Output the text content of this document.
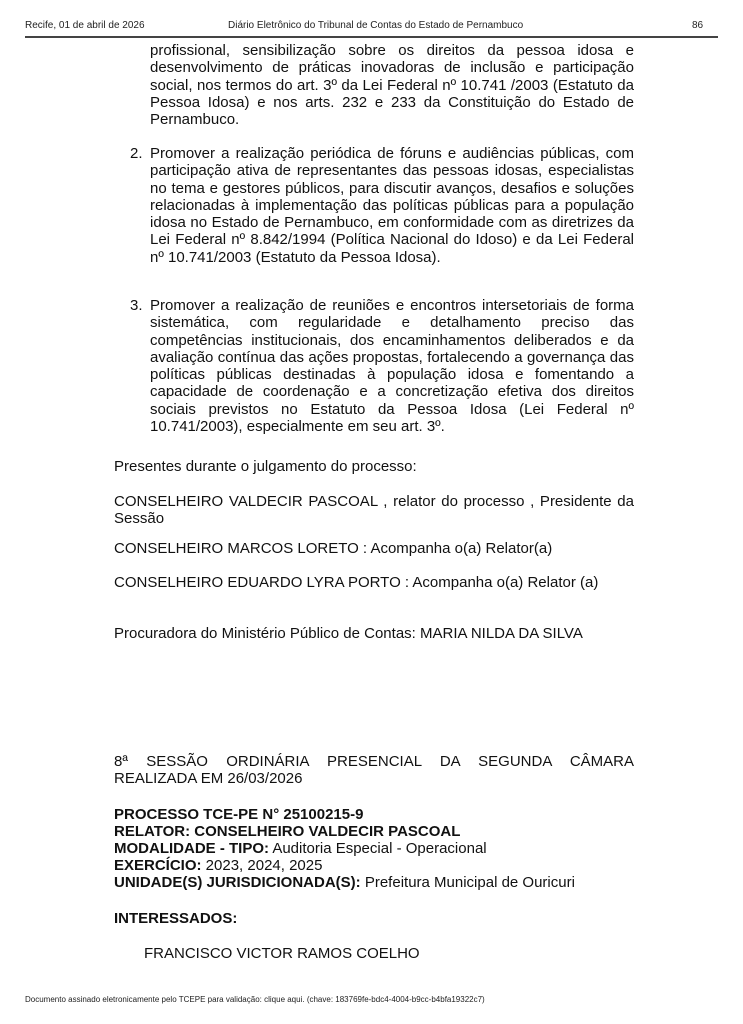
Recife, 01 de abril de 2026	Diário Eletrônico do Tribunal de Contas do Estado de Pernambuco	86
profissional, sensibilização sobre os direitos da pessoa idosa e desenvolvimento de práticas inovadoras de inclusão e participação social, nos termos do art. 3º da Lei Federal nº 10.741 /2003 (Estatuto da Pessoa Idosa) e nos arts. 232 e 233 da Constituição do Estado de Pernambuco.
2. Promover a realização periódica de fóruns e audiências públicas, com participação ativa de representantes das pessoas idosas, especialistas no tema e gestores públicos, para discutir avanços, desafios e soluções relacionadas à implementação das políticas públicas para a população idosa no Estado de Pernambuco, em conformidade com as diretrizes da Lei Federal nº 8.842/1994 (Política Nacional do Idoso) e da Lei Federal nº 10.741/2003 (Estatuto da Pessoa Idosa).
3. Promover a realização de reuniões e encontros intersetoriais de forma sistemática, com regularidade e detalhamento preciso das competências institucionais, dos encaminhamentos deliberados e da avaliação contínua das ações propostas, fortalecendo a governança das políticas públicas destinadas à população idosa e fomentando a capacidade de coordenação e a concretização efetiva dos direitos sociais previstos no Estatuto da Pessoa Idosa (Lei Federal nº 10.741/2003), especialmente em seu art. 3º.
Presentes durante o julgamento do processo:
CONSELHEIRO VALDECIR PASCOAL , relator do processo , Presidente da Sessão
CONSELHEIRO MARCOS LORETO : Acompanha o(a) Relator(a)
CONSELHEIRO EDUARDO LYRA PORTO : Acompanha o(a) Relator (a)
Procuradora do Ministério Público de Contas: MARIA NILDA DA SILVA
8ª SESSÃO ORDINÁRIA PRESENCIAL DA SEGUNDA CÂMARA REALIZADA EM 26/03/2026
PROCESSO TCE-PE N° 25100215-9
RELATOR: CONSELHEIRO VALDECIR PASCOAL
MODALIDADE - TIPO: Auditoria Especial - Operacional
EXERCÍCIO: 2023, 2024, 2025
UNIDADE(S) JURISDICIONADA(S): Prefeitura Municipal de Ouricuri
INTERESSADOS:
FRANCISCO VICTOR RAMOS COELHO
Documento assinado eletronicamente pelo TCEPE para validação: clique aqui. (chave: 183769fe-bdc4-4004-b9cc-b4bfa19322c7)
